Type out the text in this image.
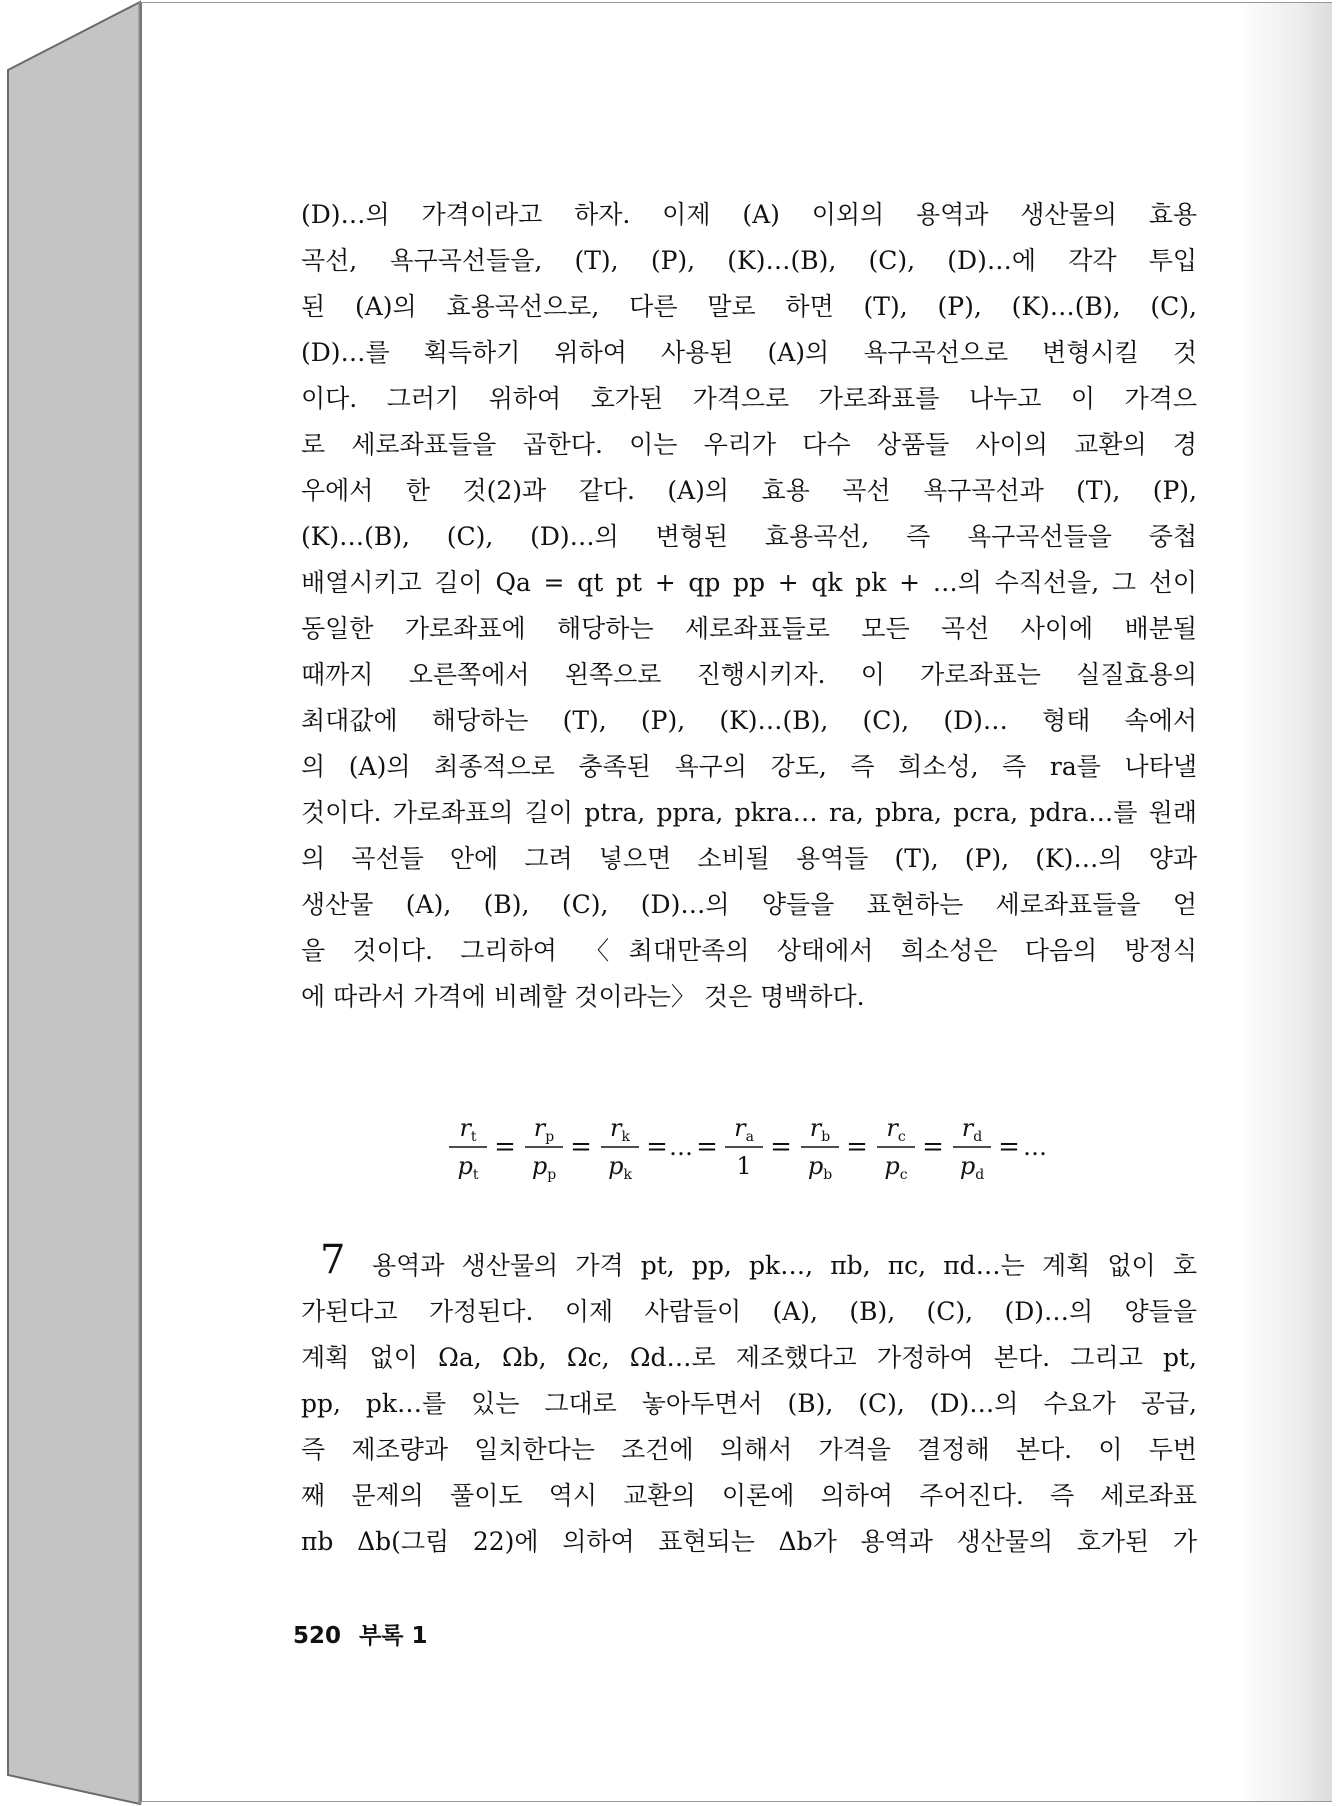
(D)…의 가격이라고 하자. 이제 (A) 이외의 용역과 생산물의 효용
곡선, 욕구곡선들을, (T), (P), (K)…(B), (C), (D)…에 각각 투입
된 (A)의 효용곡선으로, 다른 말로 하면 (T), (P), (K)…(B), (C),
(D)…를 획득하기 위하여 사용된 (A)의 욕구곡선으로 변형시킬 것
이다. 그러기 위하여 호가된 가격으로 가로좌표를 나누고 이 가격으
로 세로좌표들을 곱한다. 이는 우리가 다수 상품들 사이의 교환의 경
우에서 한 것(2)과 같다. (A)의 효용 곡선 욕구곡선과 (T), (P),
(K)…(B), (C), (D)…의 변형된 효용곡선, 즉 욕구곡선들을 중첩
배열시키고 길이 Qa = qt pt + qp pp + qk pk + …의 수직선을, 그 선이
동일한 가로좌표에 해당하는 세로좌표들로 모든 곡선 사이에 배분될
때까지 오른쪽에서 왼쪽으로 진행시키자. 이 가로좌표는 실질효용의
최대값에 해당하는 (T), (P), (K)…(B), (C), (D)… 형태 속에서
의 (A)의 최종적으로 충족된 욕구의 강도, 즉 희소성, 즉 ra를 나타낼
것이다. 가로좌표의 길이 ptra, ppra, pkra… ra, pbra, pcra, pdra…를 원래
의 곡선들 안에 그려 넣으면 소비될 용역들 (T), (P), (K)…의 양과
생산물 (A), (B), (C), (D)…의 양들을 표현하는 세로좌표들을 얻
을 것이다. 그리하여 〈최대만족의 상태에서 희소성은 다음의 방정식
에 따라서 가격에 비례할 것이라는〉 것은 명백하다.
$r_t$
$p_t$
=
$r_p$
$p_p$
=
$r_k$
$p_k$
= … =
$r_a$
1
=
$r_b$
$p_b$
=
$r_c$
$p_c$
=
$r_d$
$p_d$
= …
7 용역과 생산물의 가격 pt, pp, pk…, πb, πc, πd…는 계획 없이 호
가된다고 가정된다. 이제 사람들이 (A), (B), (C), (D)…의 양들을
계획 없이 Ωa, Ωb, Ωc, Ωd…로 제조했다고 가정하여 본다. 그리고 pt,
pp, pk…를 있는 그대로 놓아두면서 (B), (C), (D)…의 수요가 공급,
즉 제조량과 일치한다는 조건에 의해서 가격을 결정해 본다. 이 두번
째 문제의 풀이도 역시 교환의 이론에 의하여 주어진다. 즉 세로좌표
πb Δb(그림 22)에 의하여 표현되는 Δb가 용역과 생산물의 호가된 가
520 부록 1
